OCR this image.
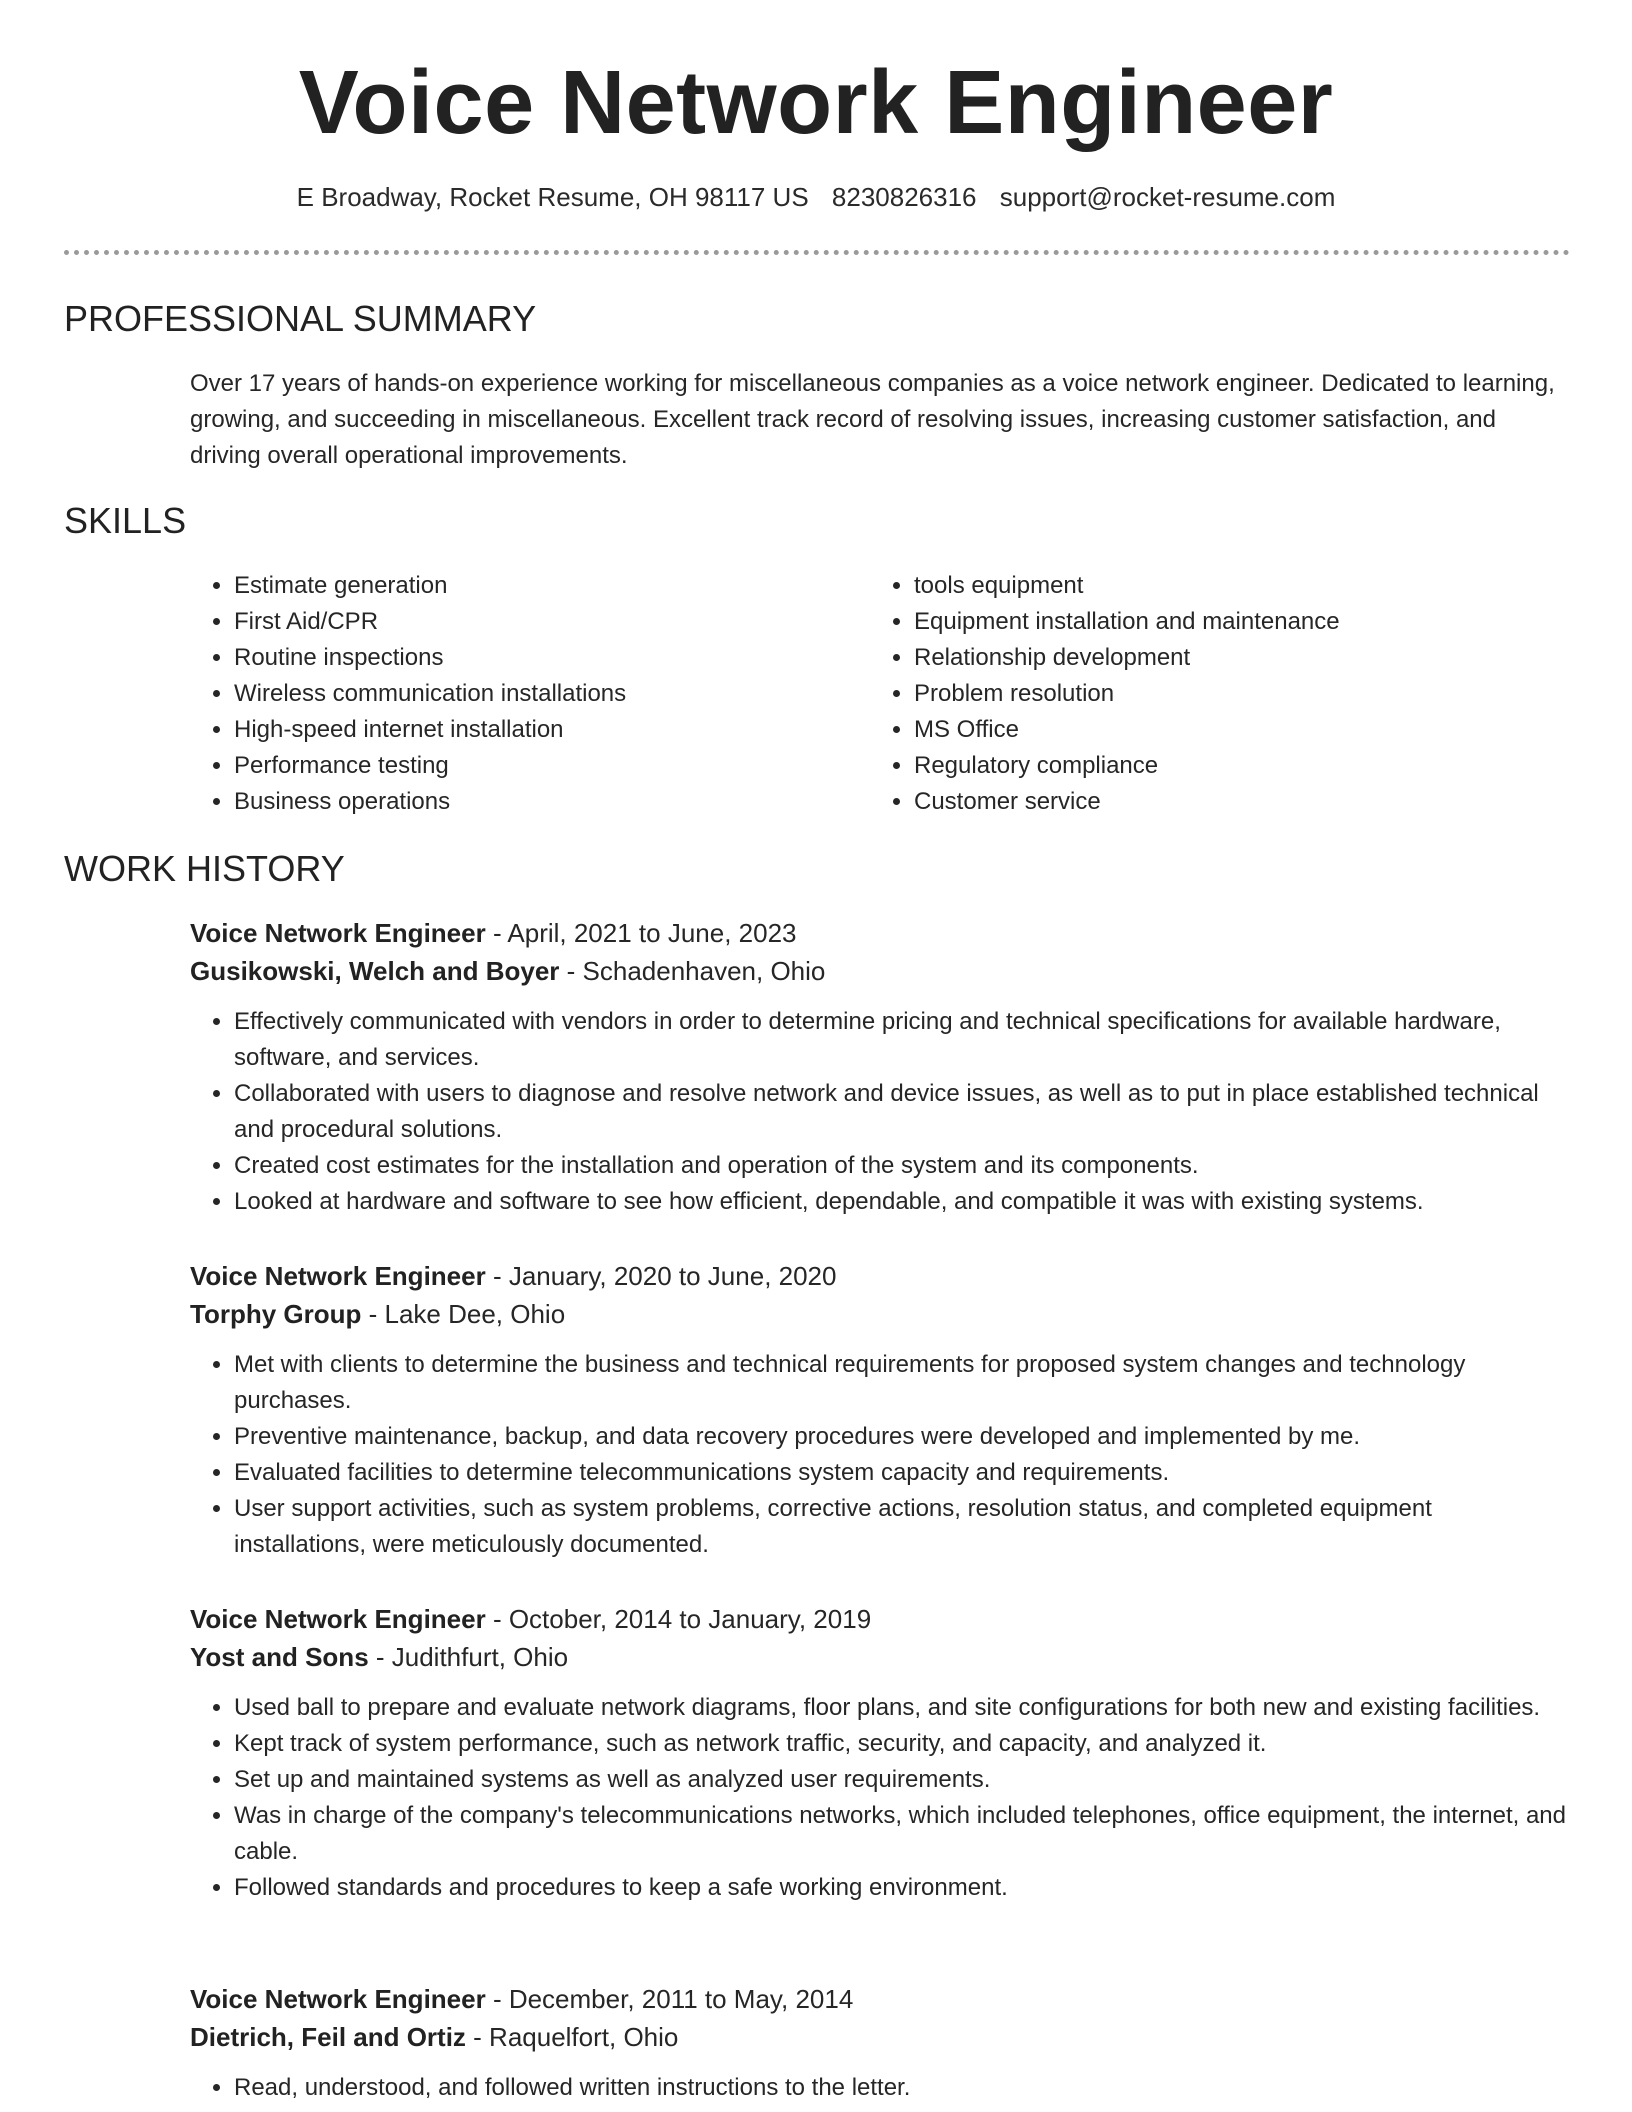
Voice Network Engineer
E Broadway, Rocket Resume, OH 98117 US 8230826316 support@rocket-resume.com
PROFESSIONAL SUMMARY

Over 17 years of hands-on experience working for miscellaneous companies as a voice network engineer. Dedicated to learning, growing, and succeeding in miscellaneous. Excellent track record of resolving issues, increasing customer satisfaction, and driving overall operational improvements.

SKILLS
• Estimate generation
• First Aid/CPR
• Routine inspections
• Wireless communication installations
• High-speed internet installation
• Performance testing
• Business operations
• tools equipment
• Equipment installation and maintenance
• Relationship development
• Problem resolution
• MS Office
• Regulatory compliance
• Customer service
WORK HISTORY
Voice Network Engineer - April, 2021 to June, 2023
Gusikowski, Welch and Boyer - Schadenhaven, Ohio
• Effectively communicated with vendors in order to determine pricing and technical specifications for available hardware, software, and services.
• Collaborated with users to diagnose and resolve network and device issues, as well as to put in place established technical and procedural solutions.
• Created cost estimates for the installation and operation of the system and its components.
• Looked at hardware and software to see how efficient, dependable, and compatible it was with existing systems.
Voice Network Engineer - January, 2020 to June, 2020
Torphy Group - Lake Dee, Ohio
• Met with clients to determine the business and technical requirements for proposed system changes and technology purchases.
• Preventive maintenance, backup, and data recovery procedures were developed and implemented by me.
• Evaluated facilities to determine telecommunications system capacity and requirements.
• User support activities, such as system problems, corrective actions, resolution status, and completed equipment installations, were meticulously documented.
Voice Network Engineer - October, 2014 to January, 2019
Yost and Sons - Judithfurt, Ohio
• Used ball to prepare and evaluate network diagrams, floor plans, and site configurations for both new and existing facilities.
• Kept track of system performance, such as network traffic, security, and capacity, and analyzed it.
• Set up and maintained systems as well as analyzed user requirements.
• Was in charge of the company's telecommunications networks, which included telephones, office equipment, the internet, and cable.
• Followed standards and procedures to keep a safe working environment.
Voice Network Engineer - December, 2011 to May, 2014
Dietrich, Feil and Ortiz - Raquelfort, Ohio
• Read, understood, and followed written instructions to the letter.
